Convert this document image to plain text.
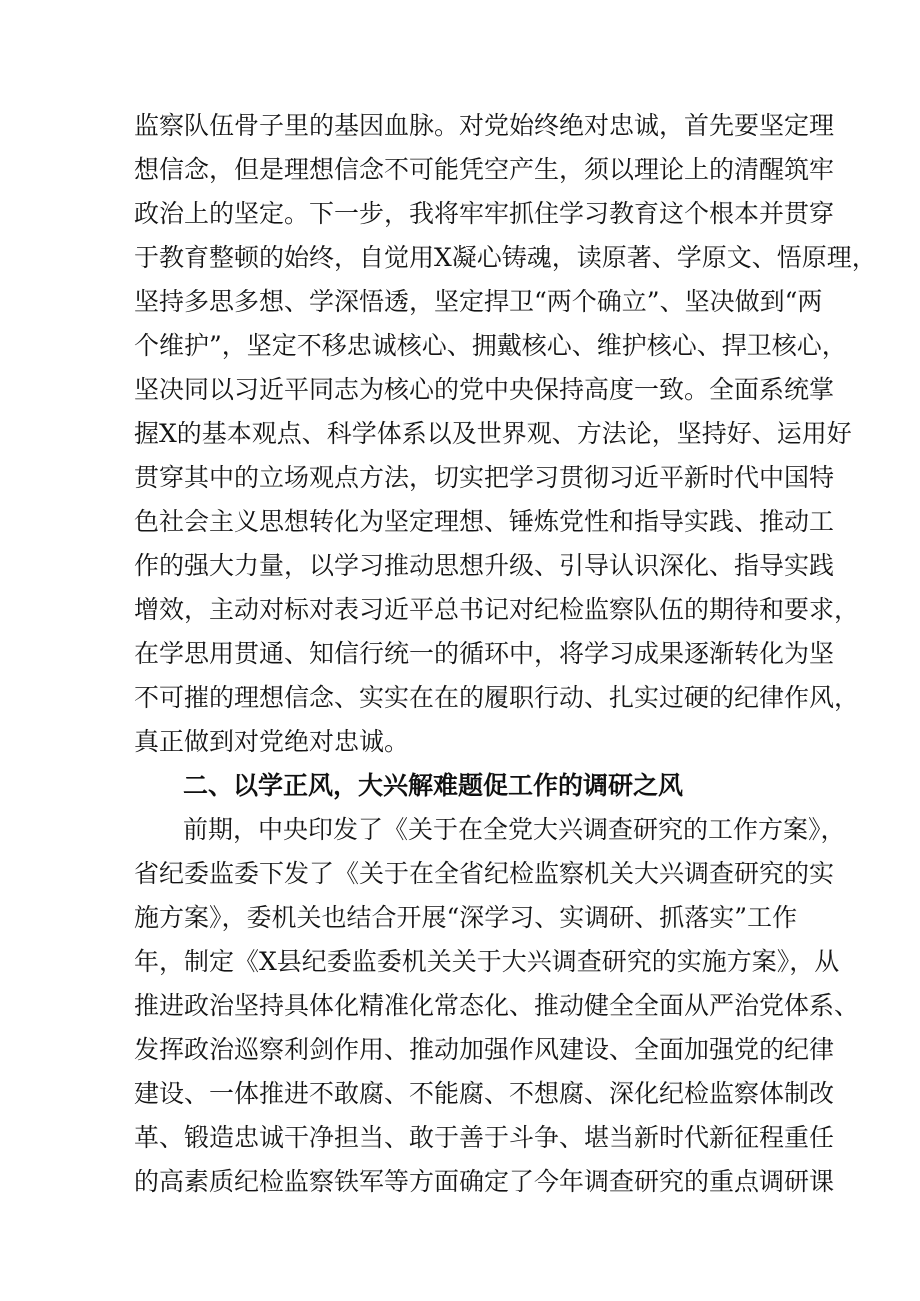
监察队伍骨子里的基因血脉。对党始终绝对忠诚，首先要坚定理
想信念，但是理想信念不可能凭空产生，须以理论上的清醒筑牢
政治上的坚定。下一步，我将牢牢抓住学习教育这个根本并贯穿
于教育整顿的始终，自觉用X凝心铸魂，读原著、学原文、悟原理，
坚持多思多想、学深悟透，坚定捍卫“两个确立”、坚决做到“两
个维护”，坚定不移忠诚核心、拥戴核心、维护核心、捍卫核心，
坚决同以习近平同志为核心的党中央保持高度一致。全面系统掌
握X的基本观点、科学体系以及世界观、方法论，坚持好、运用好
贯穿其中的立场观点方法，切实把学习贯彻习近平新时代中国特
色社会主义思想转化为坚定理想、锤炼党性和指导实践、推动工
作的强大力量，以学习推动思想升级、引导认识深化、指导实践
增效，主动对标对表习近平总书记对纪检监察队伍的期待和要求，
在学思用贯通、知信行统一的循环中，将学习成果逐渐转化为坚
不可摧的理想信念、实实在在的履职行动、扎实过硬的纪律作风，
真正做到对党绝对忠诚。
二、以学正风，大兴解难题促工作的调研之风
前期，中央印发了《关于在全党大兴调查研究的工作方案》，
省纪委监委下发了《关于在全省纪检监察机关大兴调查研究的实
施方案》，委机关也结合开展“深学习、实调研、抓落实”工作
年，制定《X县纪委监委机关关于大兴调查研究的实施方案》，从
推进政治坚持具体化精准化常态化、推动健全全面从严治党体系、
发挥政治巡察利剑作用、推动加强作风建设、全面加强党的纪律
建设、一体推进不敢腐、不能腐、不想腐、深化纪检监察体制改
革、锻造忠诚干净担当、敢于善于斗争、堪当新时代新征程重任
的高素质纪检监察铁军等方面确定了今年调查研究的重点调研课
